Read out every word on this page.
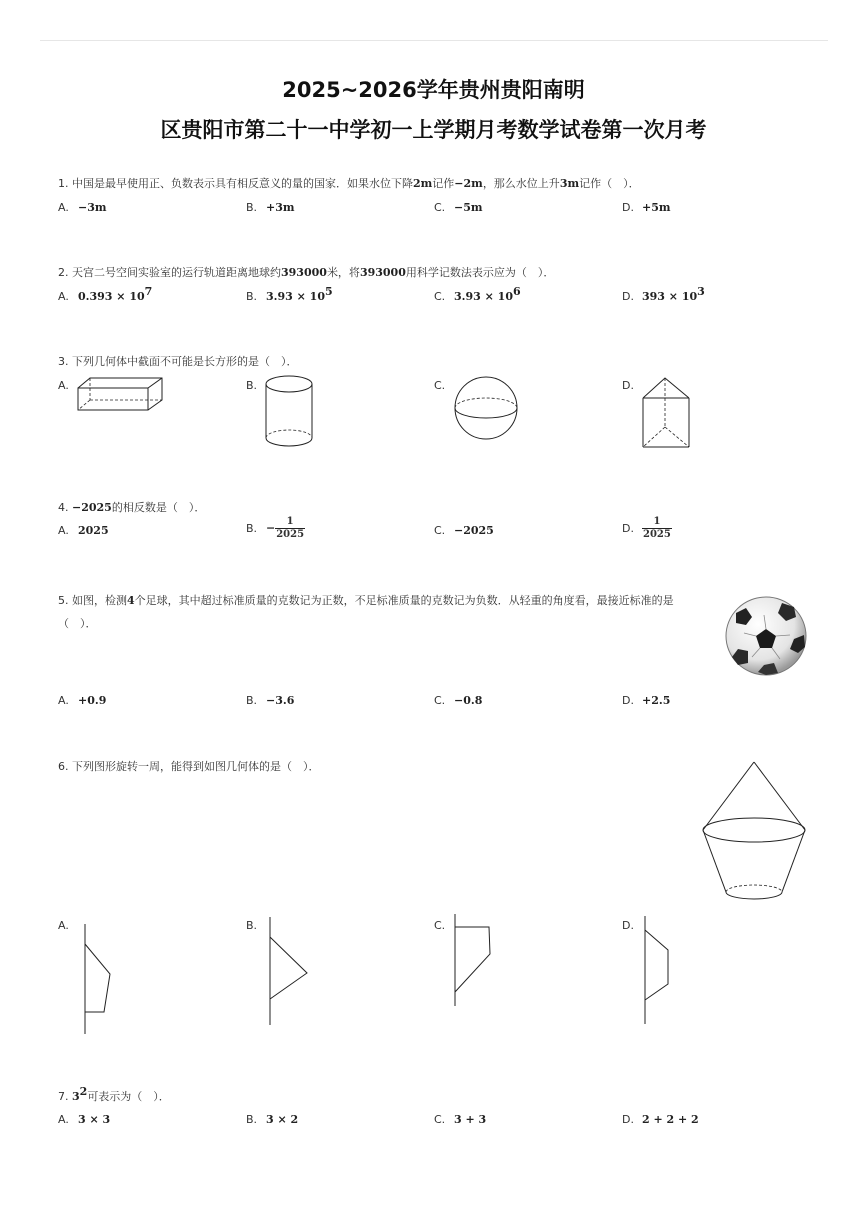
2025~2026学年贵州贵阳南明
区贵阳市第二十一中学初一上学期月考数学试卷第一次月考
1. 中国是最早使用正、负数表示具有相反意义的量的国家．如果水位下降2m记作−2m，那么水位上升3m记作（　）．
A. −3m	B. +3m	C. −5m	D. +5m
2. 天宫二号空间实验室的运行轨道距离地球约393000米，将393000用科学记数法表示应为（　）．
A. $0.393 \times 10^7$	B. $3.93 \times 10^5$	C. $3.93 \times 10^6$	D. $393 \times 10^3$
3. 下列几何体中截面不可能是长方形的是（　）．
A.	B.	C.	D.
4. −2025的相反数是（　）．
A. 2025	B. − $\frac{1}{2025}$	C. −2025	D. $\frac{1}{2025}$
5. 如图，检测4个足球，其中超过标准质量的克数记为正数，不足标准质量的克数记为负数．从轻重的角度看，最接近标准的是
（　）．
A. +0.9	B. −3.6	C. −0.8	D. +2.5
6. 下列图形旋转一周，能得到如图几何体的是（　）．
A.	B.	C.	D.
7. $3^2$可表示为（　）．
A. 3 × 3	B. 3 × 2	C. 3 + 3	D. 2 + 2 + 2
